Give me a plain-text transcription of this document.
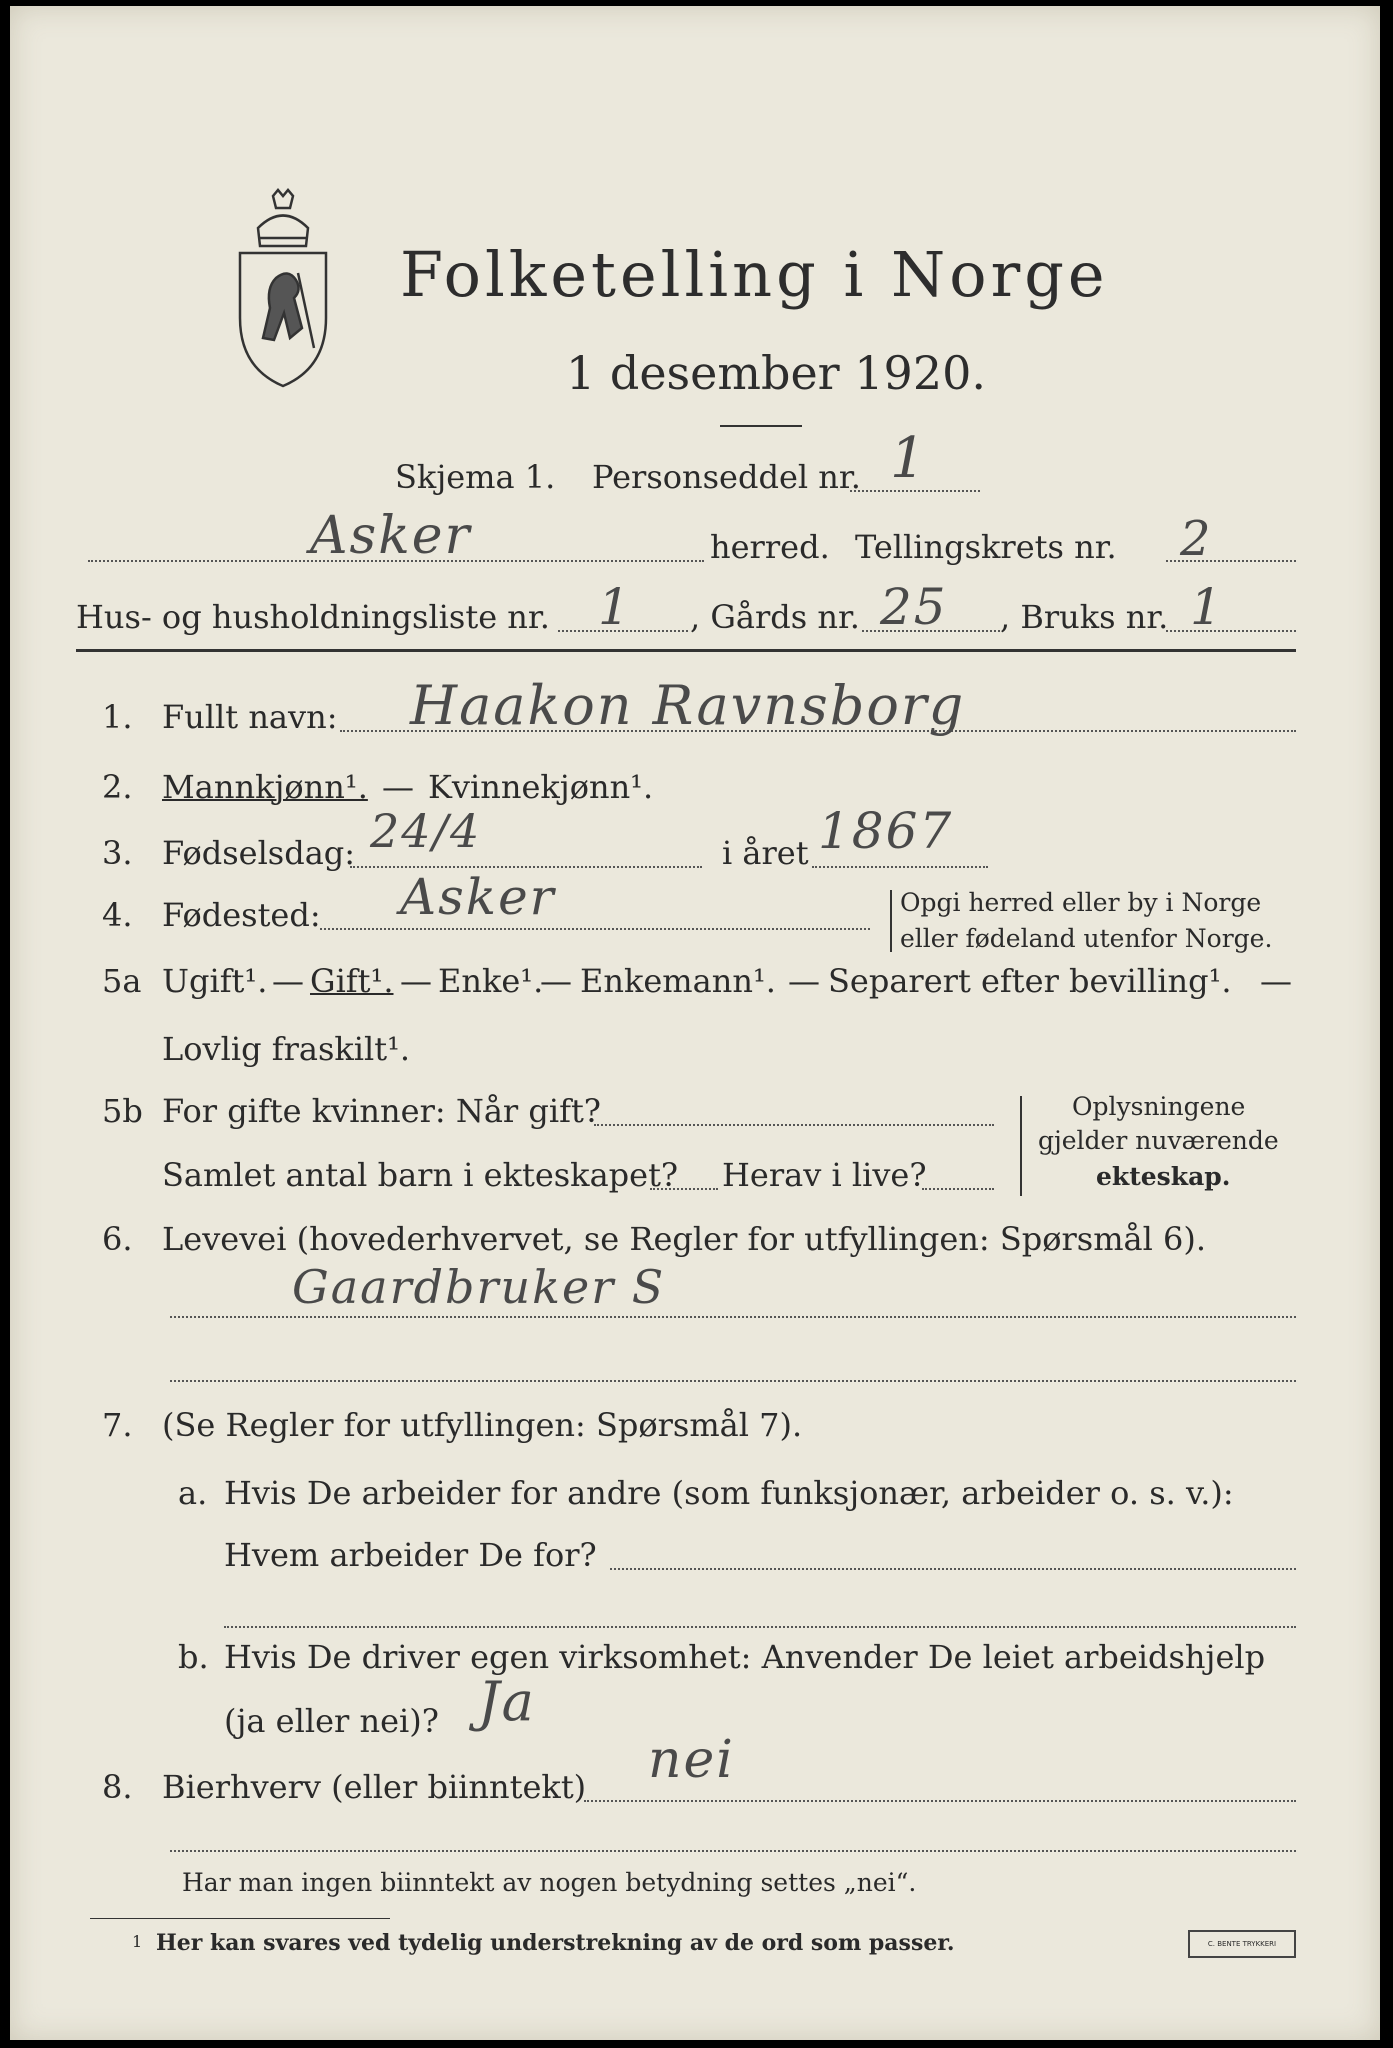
Folketelling i Norge
1 desember 1920.
Skjema 1. Personseddel nr. 1
Asker	herred. Tellingskrets nr. 2
Hus- og husholdningsliste nr. 1 , Gårds nr. 25 , Bruks nr. 1
1. Fullt navn: Haakon Ravnsborg
2. Mannkjønn¹. — Kvinnekjønn¹.
3. Fødselsdag: 24/4	i året 1867
4. Fødested: Asker	Opgi herred eller by i Norge
eller fødeland utenfor Norge.
5a Ugift¹. — Gift¹. — Enke¹.
— Enkemann¹. — Separert efter bevilling¹. —
Lovlig fraskilt¹.
5b For gifte kvinner: Når gift?
Samlet antal barn i ekteskapet? Herav i live?
Oplysningene
gjelder nuværende
ekteskap.
6. Levevei (hovederhvervet, se Regler for utfyllingen: Spørsmål 6).
Gaardbruker S
7. (Se Regler for utfyllingen: Spørsmål 7).
a. Hvis De arbeider for andre (som funksjonær, arbeider o. s. v.):
Hvem arbeider De for?
b. Hvis De driver egen virksomhet: Anvender De leiet arbeidshjelp
(ja eller nei)? Ja
8. Bierhverv (eller biinntekt) nei
Har man ingen biinntekt av nogen betydning settes „nei“.
1 Her kan svares ved tydelig understrekning av de ord som passer.	C. BENTE TRYKKERI
